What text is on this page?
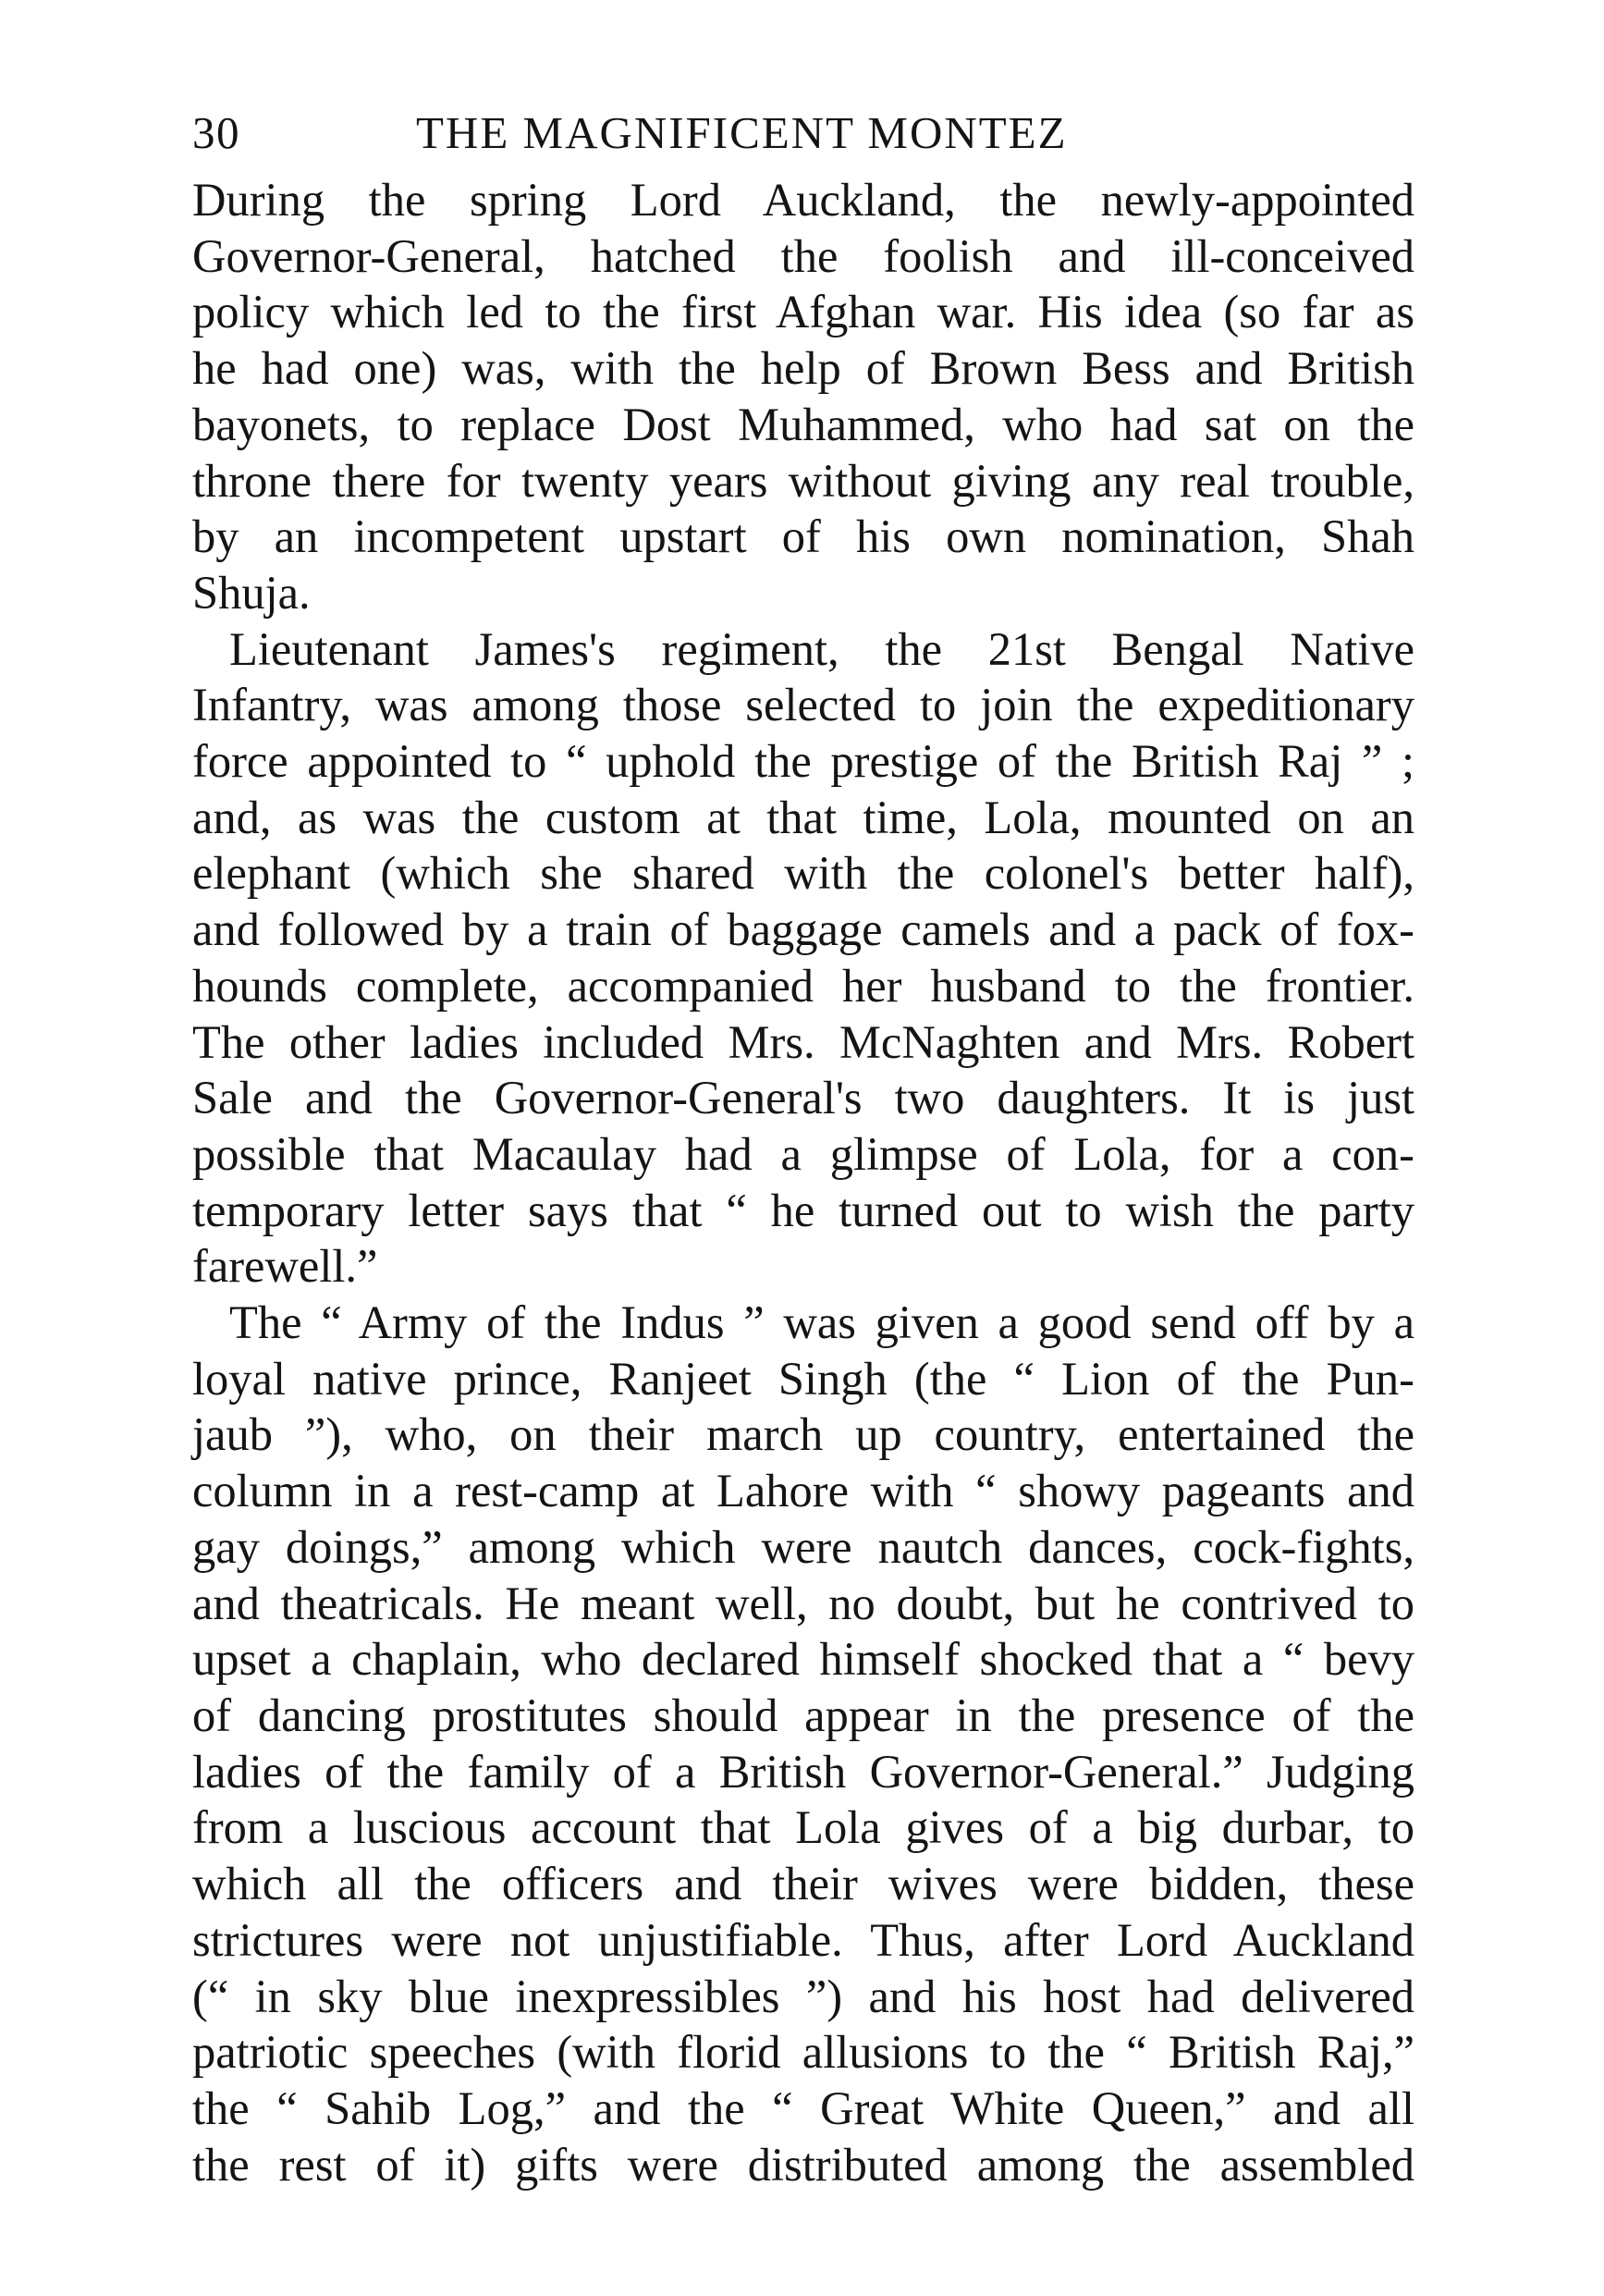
30	THE MAGNIFICENT MONTEZ
During the spring Lord Auckland, the newly-appointed
Governor-General, hatched the foolish and ill-conceived
policy which led to the first Afghan war. His idea (so far as
he had one) was, with the help of Brown Bess and British
bayonets, to replace Dost Muhammed, who had sat on the
throne there for twenty years without giving any real trouble,
by an incompetent upstart of his own nomination, Shah
Shuja.
Lieutenant James's regiment, the 21st Bengal Native
Infantry, was among those selected to join the expeditionary
force appointed to “ uphold the prestige of the British Raj ” ;
and, as was the custom at that time, Lola, mounted on an
elephant (which she shared with the colonel's better half),
and followed by a train of baggage camels and a pack of fox-
hounds complete, accompanied her husband to the frontier.
The other ladies included Mrs. McNaghten and Mrs. Robert
Sale and the Governor-General's two daughters. It is just
possible that Macaulay had a glimpse of Lola, for a con-
temporary letter says that “ he turned out to wish the party
farewell.”
The “ Army of the Indus ” was given a good send off by a
loyal native prince, Ranjeet Singh (the “ Lion of the Pun-
jaub ”), who, on their march up country, entertained the
column in a rest-camp at Lahore with “ showy pageants and
gay doings,” among which were nautch dances, cock-fights,
and theatricals. He meant well, no doubt, but he contrived to
upset a chaplain, who declared himself shocked that a “ bevy
of dancing prostitutes should appear in the presence of the
ladies of the family of a British Governor-General.” Judging
from a luscious account that Lola gives of a big durbar, to
which all the officers and their wives were bidden, these
strictures were not unjustifiable. Thus, after Lord Auckland
(“ in sky blue inexpressibles ”) and his host had delivered
patriotic speeches (with florid allusions to the “ British Raj,”
the “ Sahib Log,” and the “ Great White Queen,” and all
the rest of it) gifts were distributed among the assembled
